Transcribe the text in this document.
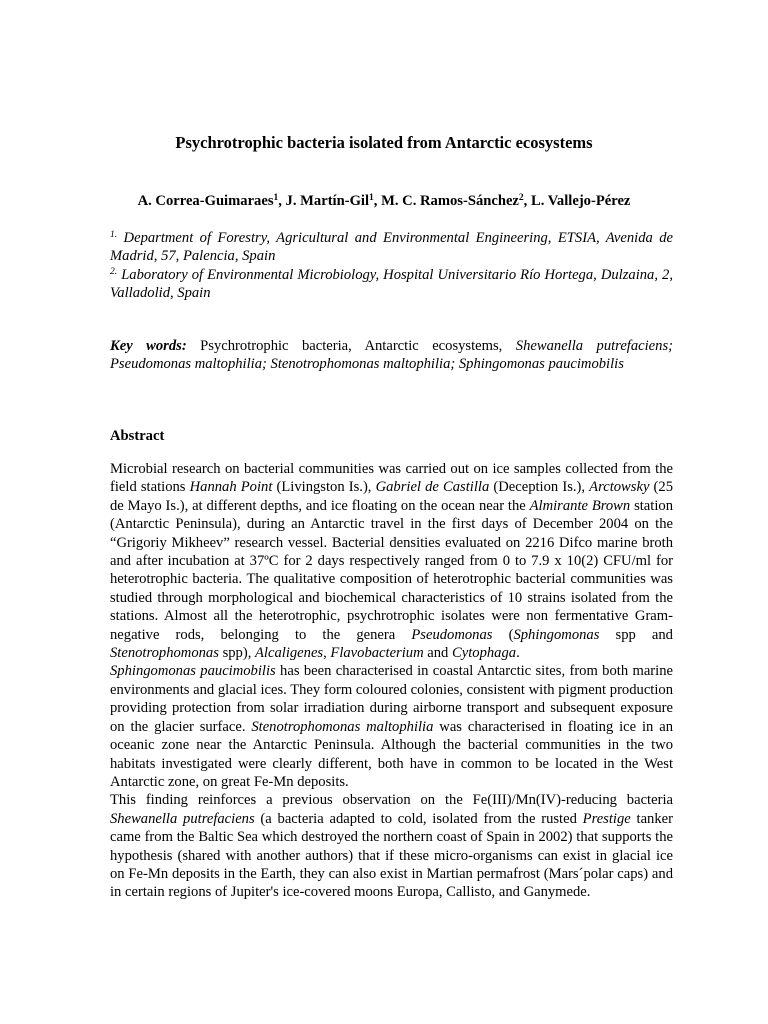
Psychrotrophic bacteria isolated from Antarctic ecosystems
A. Correa-Guimaraes$^1$, J. Martín-Gil$^1$, M. C. Ramos-Sánchez$^2$, L. Vallejo-Pérez

$^{1.}$ Department of Forestry, Agricultural and Environmental Engineering, ETSIA, Avenida de Madrid, 57, Palencia, Spain

$^{2.}$ Laboratory of Environmental Microbiology, Hospital Universitario Río Hortega, Dulzaina, 2, Valladolid, Spain

Key words: Psychrotrophic bacteria, Antarctic ecosystems, Shewanella putrefaciens; Pseudomonas maltophilia; Stenotrophomonas maltophilia; Sphingomonas paucimobilis
Abstract

Microbial research on bacterial communities was carried out on ice samples collected from the field stations Hannah Point (Livingston Is.), Gabriel de Castilla (Deception Is.), Arctowsky (25 de Mayo Is.), at different depths, and ice floating on the ocean near the Almirante Brown station (Antarctic Peninsula), during an Antarctic travel in the first days of December 2004 on the “Grigoriy Mikheev” research vessel. Bacterial densities evaluated on 2216 Difco marine broth and after incubation at 37ºC for 2 days respectively ranged from 0 to 7.9 x 10(2) CFU/ml for heterotrophic bacteria. The qualitative composition of heterotrophic bacterial communities was studied through morphological and biochemical characteristics of 10 strains isolated from the stations. Almost all the heterotrophic, psychrotrophic isolates were non fermentative Gram-negative rods, belonging to the genera Pseudomonas (Sphingomonas spp and Stenotrophomonas spp), Alcaligenes, Flavobacterium and Cytophaga.

Sphingomonas paucimobilis has been characterised in coastal Antarctic sites, from both marine environments and glacial ices. They form coloured colonies, consistent with pigment production providing protection from solar irradiation during airborne transport and subsequent exposure on the glacier surface. Stenotrophomonas maltophilia was characterised in floating ice in an oceanic zone near the Antarctic Peninsula. Although the bacterial communities in the two habitats investigated were clearly different, both have in common to be located in the West Antarctic zone, on great Fe-Mn deposits.

This finding reinforces a previous observation on the Fe(III)/Mn(IV)-reducing bacteria Shewanella putrefaciens (a bacteria adapted to cold, isolated from the rusted Prestige tanker came from the Baltic Sea which destroyed the northern coast of Spain in 2002) that supports the hypothesis (shared with another authors) that if these micro-organisms can exist in glacial ice on Fe-Mn deposits in the Earth, they can also exist in Martian permafrost (Mars´polar caps) and in certain regions of Jupiter's ice-covered moons Europa, Callisto, and Ganymede.
